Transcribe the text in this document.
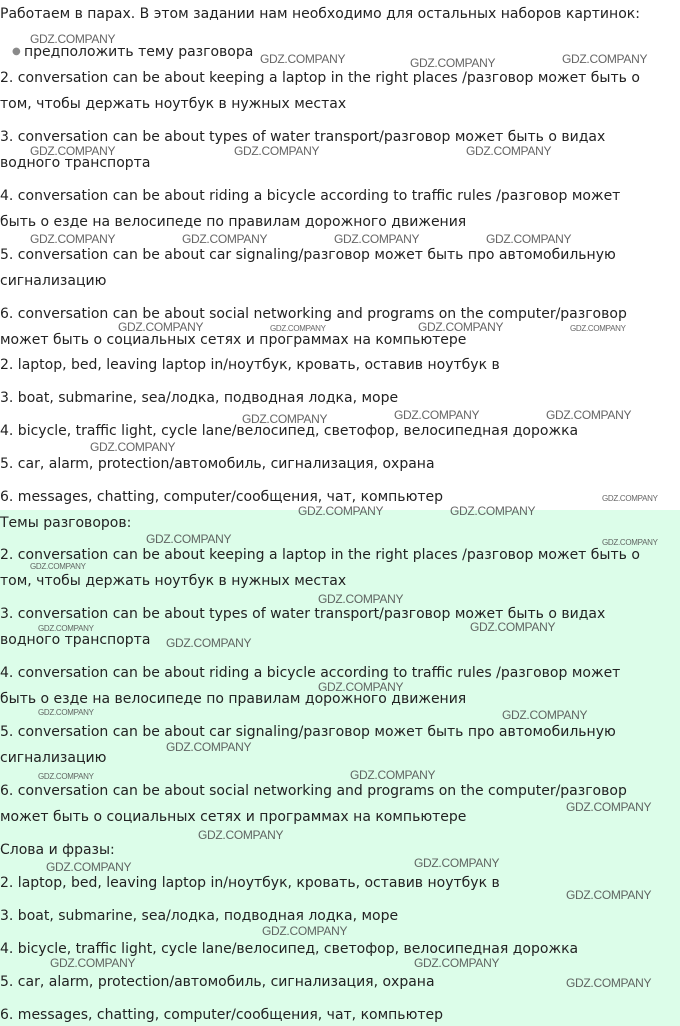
Работаем в парах. В этом задании нам необходимо для остальных наборов картинок:
● предположить тему разговора
2. conversation can be about keeping a laptop in the right places /разговор может быть о
том, чтобы держать ноутбук в нужных местах
3. conversation can be about types of water transport/разговор может быть о видах
водного транспорта
4. conversation can be about riding a bicycle according to traffic rules /разговор может
быть о езде на велосипеде по правилам дорожного движения
5. conversation can be about car signaling/разговор может быть про автомобильную
сигнализацию
6. conversation can be about social networking and programs on the computer/разговор
может быть о социальных сетях и программах на компьютере
2. laptop, bed, leaving laptop in/ноутбук, кровать, оставив ноутбук в
3. boat, submarine, sea/лодка, подводная лодка, море
4. bicycle, traffic light, cycle lane/велосипед, светофор, велосипедная дорожка
5. car, alarm, protection/автомобиль, сигнализация, охрана
6. messages, chatting, computer/сообщения, чат, компьютер
Темы разговоров:
2. conversation can be about keeping a laptop in the right places /разговор может быть о
том, чтобы держать ноутбук в нужных местах
3. conversation can be about types of water transport/разговор может быть о видах
водного транспорта
4. conversation can be about riding a bicycle according to traffic rules /разговор может
быть о езде на велосипеде по правилам дорожного движения
5. conversation can be about car signaling/разговор может быть про автомобильную
сигнализацию
6. conversation can be about social networking and programs on the computer/разговор
может быть о социальных сетях и программах на компьютере
Слова и фразы:
2. laptop, bed, leaving laptop in/ноутбук, кровать, оставив ноутбук в
3. boat, submarine, sea/лодка, подводная лодка, море
4. bicycle, traffic light, cycle lane/велосипед, светофор, велосипедная дорожка
5. car, alarm, protection/автомобиль, сигнализация, охрана
6. messages, chatting, computer/сообщения, чат, компьютер
GDZ.COMPANY
GDZ.COMPANY	GDZ.COMPANY	GDZ.COMPANY
GDZ.COMPANY	GDZ.COMPANY	GDZ.COMPANY
GDZ.COMPANY	GDZ.COMPANY	GDZ.COMPANY	GDZ.COMPANY
GDZ.COMPANY	GDZ.COMPANY	GDZ.COMPANY	GDZ.COMPANY
GDZ.COMPANY	GDZ.COMPANY	GDZ.COMPANY
GDZ.COMPANY
GDZ.COMPANY
GDZ.COMPANY	GDZ.COMPANY
GDZ.COMPANY	GDZ.COMPANY
GDZ.COMPANY
GDZ.COMPANY
GDZ.COMPANY
GDZ.COMPANY
GDZ.COMPANY
GDZ.COMPANY
GDZ.COMPANY	GDZ.COMPANY
GDZ.COMPANY
GDZ.COMPANY
GDZ.COMPANY
GDZ.COMPANY
GDZ.COMPANY
GDZ.COMPANY	GDZ.COMPANY
GDZ.COMPANY
GDZ.COMPANY
GDZ.COMPANY	GDZ.COMPANY
GDZ.COMPANY
